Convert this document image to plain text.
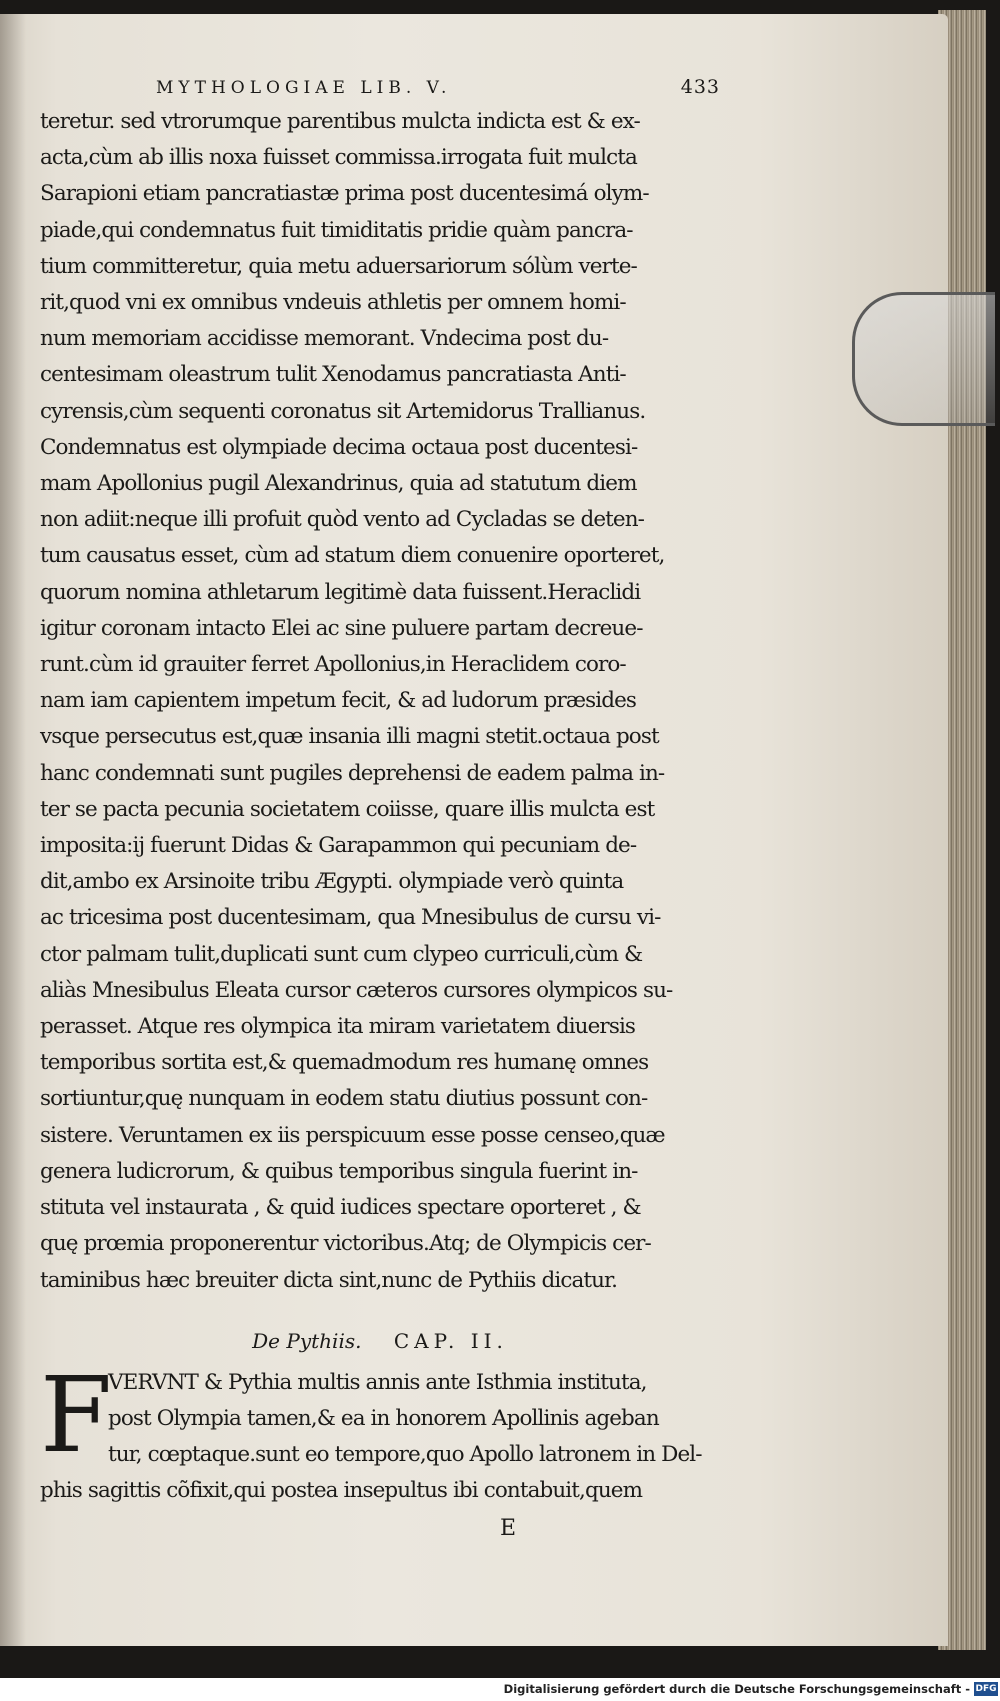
MYTHOLOGIAE LIB. V.	433
teretur. sed vtrorumque parentibus mulcta indicta est & ex-
acta,cùm ab illis noxa fuisset commissa.irrogata fuit mulcta
Sarapioni etiam pancratiastæ prima post ducentesimá olym-
piade,qui condemnatus fuit timiditatis pridie quàm pancra-
tium committeretur, quia metu aduersariorum sólùm verte-
rit,quod vni ex omnibus vndeuis athletis per omnem homi-
num memoriam accidisse memorant. Vndecima post du-
centesimam oleastrum tulit Xenodamus pancratiasta Anti-
cyrensis,cùm sequenti coronatus sit Artemidorus Trallianus.
Condemnatus est olympiade decima octaua post ducentesi-
mam Apollonius pugil Alexandrinus, quia ad statutum diem
non adiit:neque illi profuit quòd vento ad Cycladas se deten-
tum causatus esset, cùm ad statum diem conuenire oporteret,
quorum nomina athletarum legitimè data fuissent.Heraclidi
igitur coronam intacto Elei ac sine puluere partam decreue-
runt.cùm id grauiter ferret Apollonius,in Heraclidem coro-
nam iam capientem impetum fecit, & ad ludorum præsides
vsque persecutus est,quæ insania illi magni stetit.octaua post
hanc condemnati sunt pugiles deprehensi de eadem palma in-
ter se pacta pecunia societatem coiisse, quare illis mulcta est
imposita:ij fuerunt Didas & Garapammon qui pecuniam de-
dit,ambo ex Arsinoite tribu Ægypti. olympiade verò quinta
ac tricesima post ducentesimam, qua Mnesibulus de cursu vi-
ctor palmam tulit,duplicati sunt cum clypeo curriculi,cùm &
aliàs Mnesibulus Eleata cursor cæteros cursores olympicos su-
perasset. Atque res olympica ita miram varietatem diuersis
temporibus sortita est,& quemadmodum res humanę omnes
sortiuntur,quę nunquam in eodem statu diutius possunt con-
sistere. Veruntamen ex iis perspicuum esse posse censeo,quæ
genera ludicrorum, & quibus temporibus singula fuerint in-
stituta vel instaurata , & quid iudices spectare oporteret , &
quę prœmia proponerentur victoribus.Atq; de Olympicis cer-
taminibus hæc breuiter dicta sint,nunc de Pythiis dicatur.
De Pythiis. CAP. II.
F
VERVNT & Pythia multis annis ante Isthmia instituta,
post Olympia tamen,& ea in honorem Apollinis ageban
tur, cœptaque.sunt eo tempore,quo Apollo latronem in Del-
phis sagittis cõfixit,qui postea insepultus ibi contabuit,quem
E
Digitalisierung gefördert durch die Deutsche Forschungsgemeinschaft - DFG
